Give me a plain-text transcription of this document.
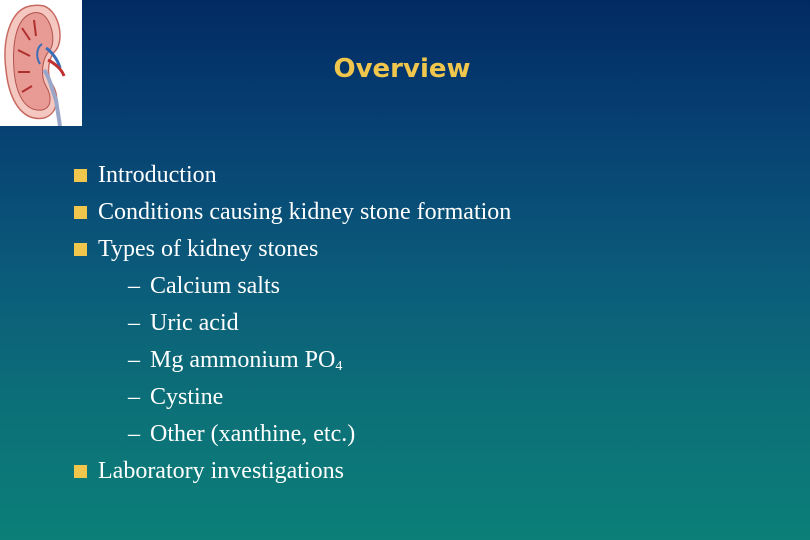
Overview
Introduction
Conditions causing kidney stone formation
Types of kidney stones
– Calcium salts
– Uric acid
– Mg ammonium $PO_4$
– Cystine
– Other (xanthine, etc.)
Laboratory investigations
